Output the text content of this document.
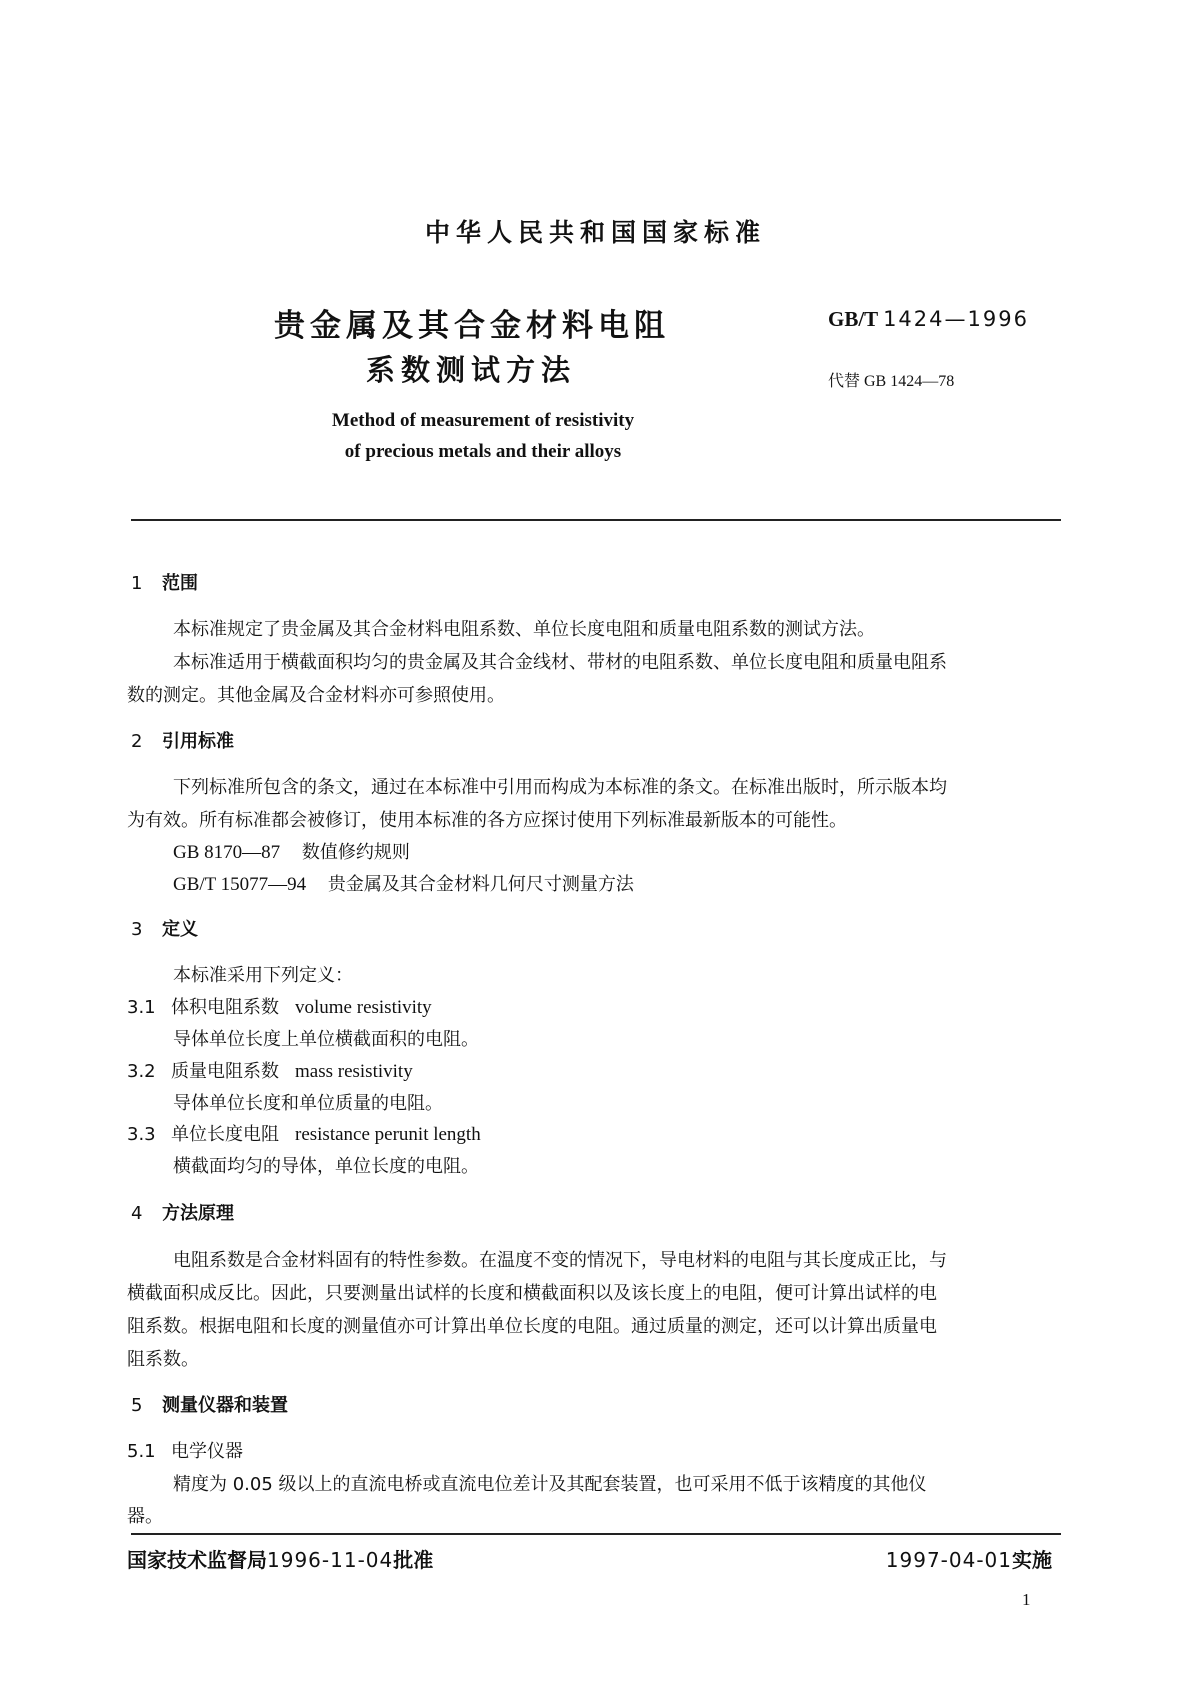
中华人民共和国国家标准
贵金属及其合金材料电阻
系数测试方法
GB/T 1424—1996
代替 GB 1424—78
Method of measurement of resistivity
of precious metals and their alloys
1 范围
本标准规定了贵金属及其合金材料电阻系数、单位长度电阻和质量电阻系数的测试方法。
本标准适用于横截面积均匀的贵金属及其合金线材、带材的电阻系数、单位长度电阻和质量电阻系
数的测定。其他金属及合金材料亦可参照使用。
2 引用标准
下列标准所包含的条文，通过在本标准中引用而构成为本标准的条文。在标准出版时，所示版本均
为有效。所有标准都会被修订，使用本标准的各方应探讨使用下列标准最新版本的可能性。
GB 8170—87 数值修约规则
GB/T 15077—94 贵金属及其合金材料几何尺寸测量方法
3 定义
本标准采用下列定义：
3.1 体积电阻系数 volume resistivity
导体单位长度上单位横截面积的电阻。
3.2 质量电阻系数 mass resistivity
导体单位长度和单位质量的电阻。
3.3 单位长度电阻 resistance perunit length
横截面均匀的导体，单位长度的电阻。
4 方法原理
电阻系数是合金材料固有的特性参数。在温度不变的情况下，导电材料的电阻与其长度成正比，与
横截面积成反比。因此，只要测量出试样的长度和横截面积以及该长度上的电阻，便可计算出试样的电
阻系数。根据电阻和长度的测量值亦可计算出单位长度的电阻。通过质量的测定，还可以计算出质量电
阻系数。
5 测量仪器和装置
5.1 电学仪器
精度为 0.05 级以上的直流电桥或直流电位差计及其配套装置，也可采用不低于该精度的其他仪
器。
国家技术监督局1996-11-04批准	1997-04-01实施
1
